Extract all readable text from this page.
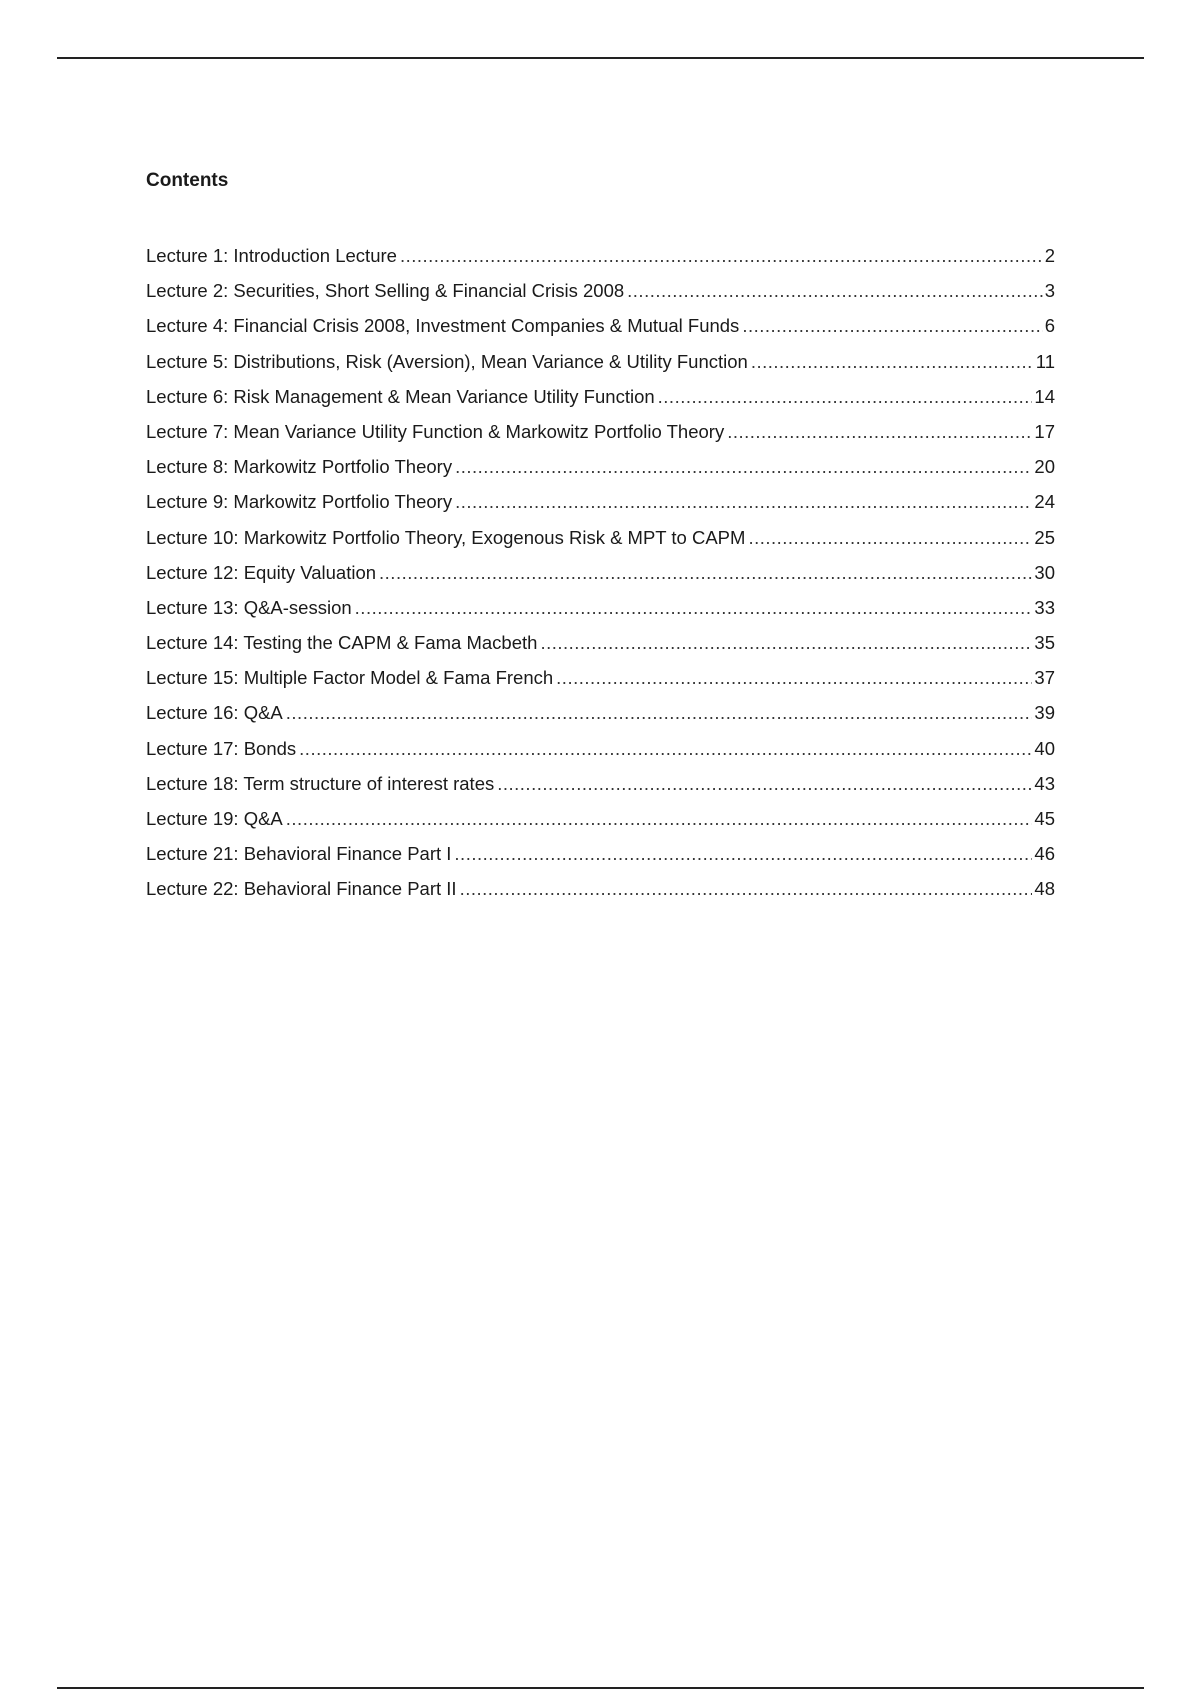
Contents
Lecture 1: Introduction Lecture .....	2
Lecture 2: Securities, Short Selling & Financial Crisis 2008 .....	3
Lecture 4: Financial Crisis 2008, Investment Companies & Mutual Funds .....	6
Lecture 5: Distributions, Risk (Aversion), Mean Variance & Utility Function .....	11
Lecture 6: Risk Management & Mean Variance Utility Function .....	14
Lecture 7: Mean Variance Utility Function & Markowitz Portfolio Theory .....	17
Lecture 8: Markowitz Portfolio Theory .....	20
Lecture 9: Markowitz Portfolio Theory .....	24
Lecture 10: Markowitz Portfolio Theory, Exogenous Risk & MPT to CAPM .....	25
Lecture 12: Equity Valuation .....	30
Lecture 13: Q&A-session .....	33
Lecture 14: Testing the CAPM & Fama Macbeth .....	35
Lecture 15: Multiple Factor Model & Fama French .....	37
Lecture 16: Q&A .....	39
Lecture 17: Bonds .....	40
Lecture 18: Term structure of interest rates .....	43
Lecture 19: Q&A .....	45
Lecture 21: Behavioral Finance Part I .....	46
Lecture 22: Behavioral Finance Part II .....	48
